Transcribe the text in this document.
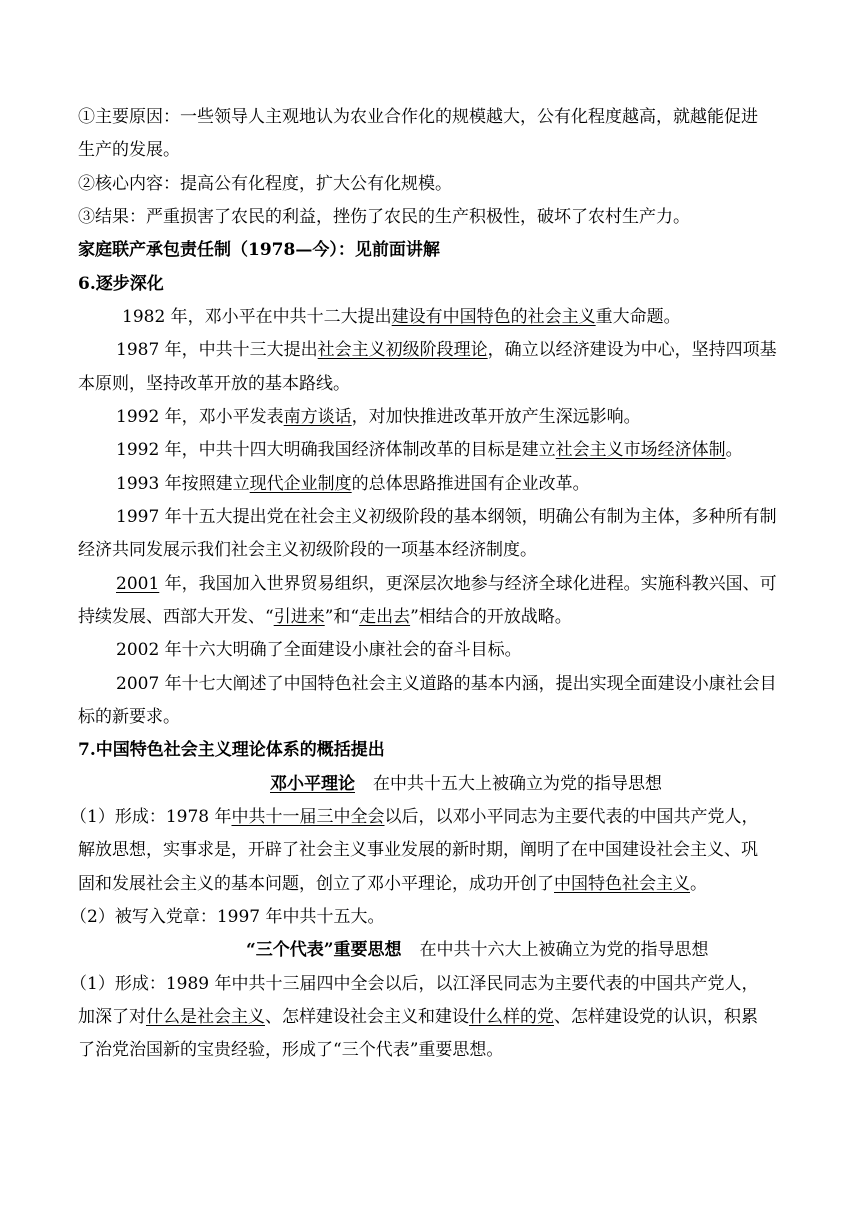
①主要原因：一些领导人主观地认为农业合作化的规模越大，公有化程度越高，就越能促进
生产的发展。
②核心内容：提高公有化程度，扩大公有化规模。
③结果：严重损害了农民的利益，挫伤了农民的生产积极性，破坏了农村生产力。
家庭联产承包责任制（1978—今）：见前面讲解
6.逐步深化
1982 年，邓小平在中共十二大提出建设有中国特色的社会主义重大命题。
1987 年，中共十三大提出社会主义初级阶段理论，确立以经济建设为中心，坚持四项基
本原则，坚持改革开放的基本路线。
1992 年，邓小平发表南方谈话，对加快推进改革开放产生深远影响。
1992 年，中共十四大明确我国经济体制改革的目标是建立社会主义市场经济体制。
1993 年按照建立现代企业制度的总体思路推进国有企业改革。
1997 年十五大提出党在社会主义初级阶段的基本纲领，明确公有制为主体，多种所有制
经济共同发展示我们社会主义初级阶段的一项基本经济制度。
2001 年，我国加入世界贸易组织，更深层次地参与经济全球化进程。实施科教兴国、可
持续发展、西部大开发、“引进来”和“走出去”相结合的开放战略。
2002 年十六大明确了全面建设小康社会的奋斗目标。
2007 年十七大阐述了中国特色社会主义道路的基本内涵，提出实现全面建设小康社会目
标的新要求。
7.中国特色社会主义理论体系的概括提出
邓小平理论 在中共十五大上被确立为党的指导思想
（1）形成：1978 年中共十一届三中全会以后，以邓小平同志为主要代表的中国共产党人，
解放思想，实事求是，开辟了社会主义事业发展的新时期，阐明了在中国建设社会主义、巩
固和发展社会主义的基本问题，创立了邓小平理论，成功开创了中国特色社会主义。
（2）被写入党章：1997 年中共十五大。
“三个代表”重要思想 在中共十六大上被确立为党的指导思想
（1）形成：1989 年中共十三届四中全会以后，以江泽民同志为主要代表的中国共产党人，
加深了对什么是社会主义、怎样建设社会主义和建设什么样的党、怎样建设党的认识，积累
了治党治国新的宝贵经验，形成了“三个代表”重要思想。
